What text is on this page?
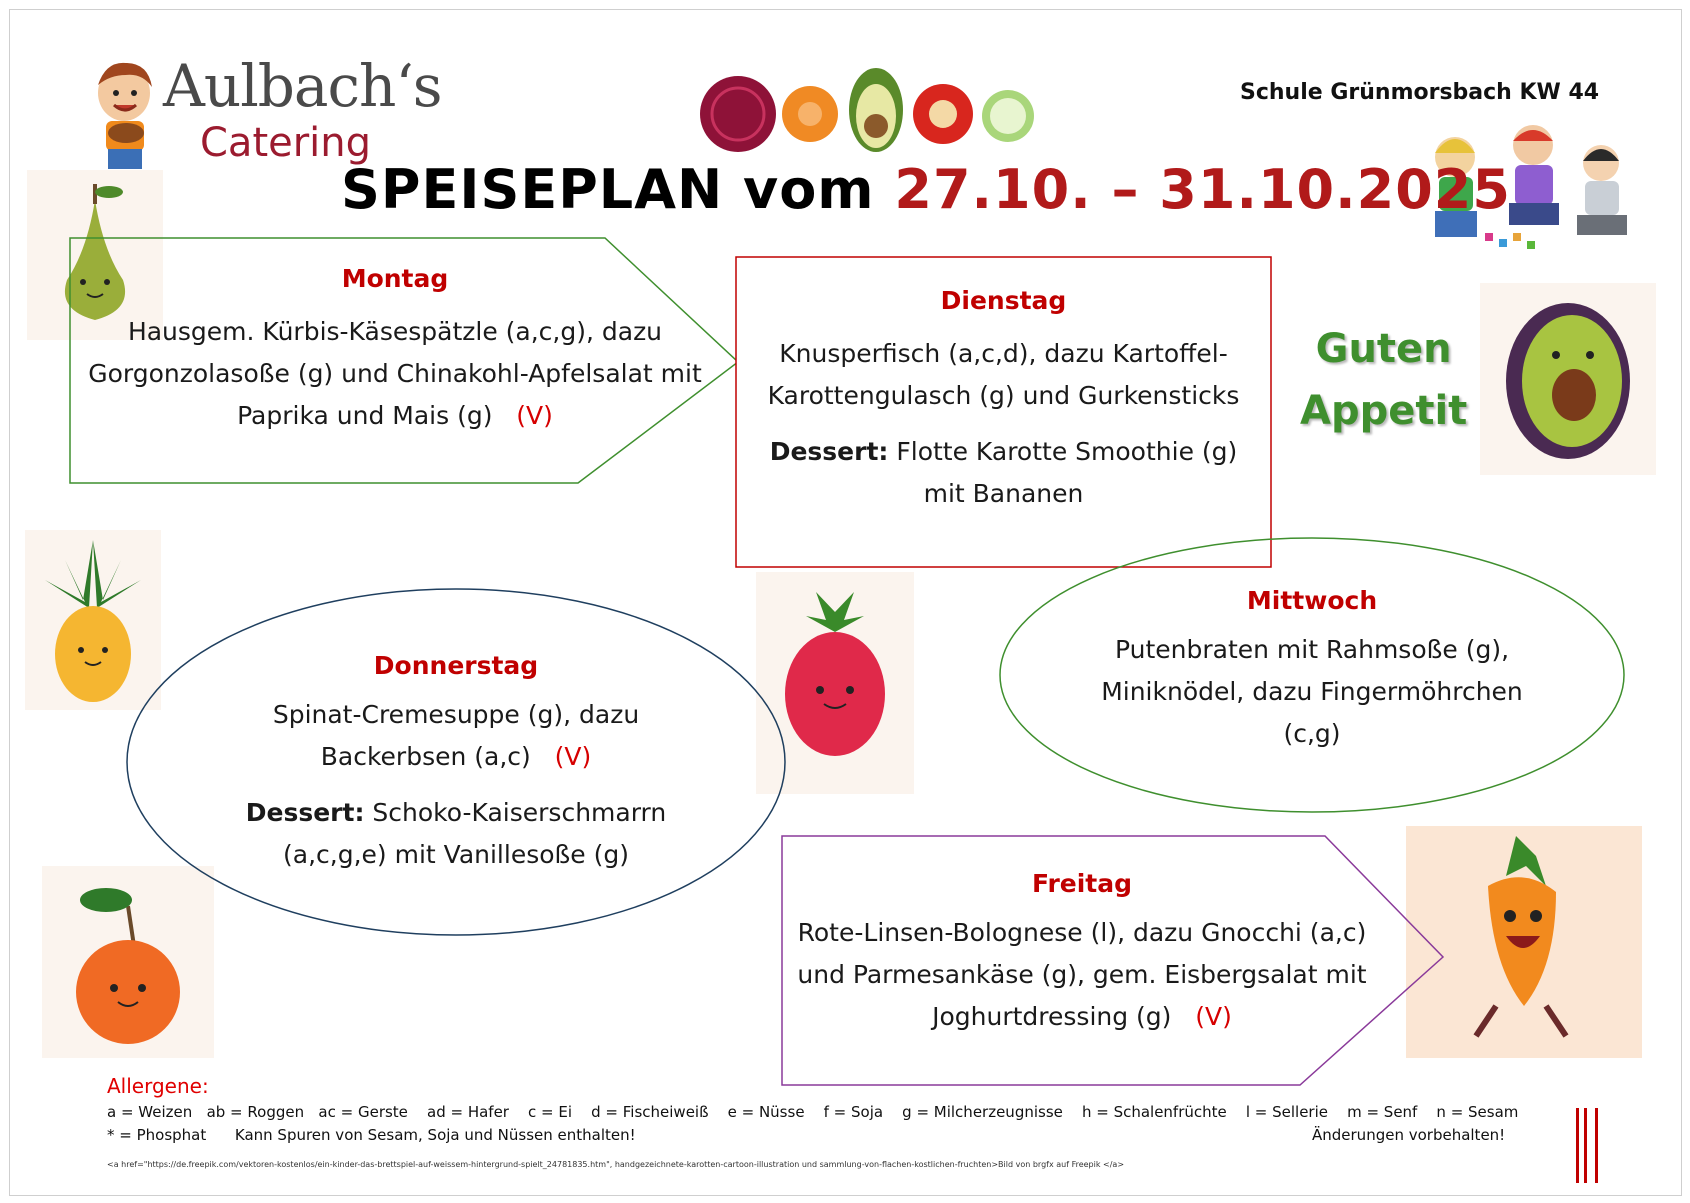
Aulbach‘s
Catering
Schule Grünmorsbach KW 44
SPEISEPLAN vom 27.10. – 31.10.2025
Montag
Hausgem. Kürbis-Käsespätzle (a,c,g), dazu
Gorgonzolasoße (g) und Chinakohl-Apfelsalat mit
Paprika und Mais (g) (V)
Dienstag
Knusperfisch (a,c,d), dazu Kartoffel-
Karottengulasch (g) und Gurkensticks
Dessert: Flotte Karotte Smoothie (g)
mit Bananen
Guten
Appetit
Mittwoch
Putenbraten mit Rahmsoße (g),
Miniknödel, dazu Fingermöhrchen
(c,g)
Donnerstag
Spinat-Cremesuppe (g), dazu
Backerbsen (a,c) (V)
Dessert: Schoko-Kaiserschmarrn
(a,c,g,e) mit Vanillesoße (g)
Freitag
Rote-Linsen-Bolognese (l), dazu Gnocchi (a,c)
und Parmesankäse (g), gem. Eisbergsalat mit
Joghurtdressing (g) (V)
Allergene:
a = Weizen ab = Roggen ac = Gerste ad = Hafer c = Ei d = Fischeiweiß e = Nüsse f = Soja g = Milcherzeugnisse h = Schalenfrüchte l = Sellerie m = Senf n = Sesam
* = Phosphat Kann Spuren von Sesam, Soja und Nüssen enthalten!	Änderungen vorbehalten!
<a href="https://de.freepik.com/vektoren-kostenlos/ein-kinder-das-brettspiel-auf-weissem-hintergrund-spielt_24781835.htm", handgezeichnete-karotten-cartoon-illustration und sammlung-von-flachen-kostlichen-fruchten>Bild von brgfx auf Freepik </a>
